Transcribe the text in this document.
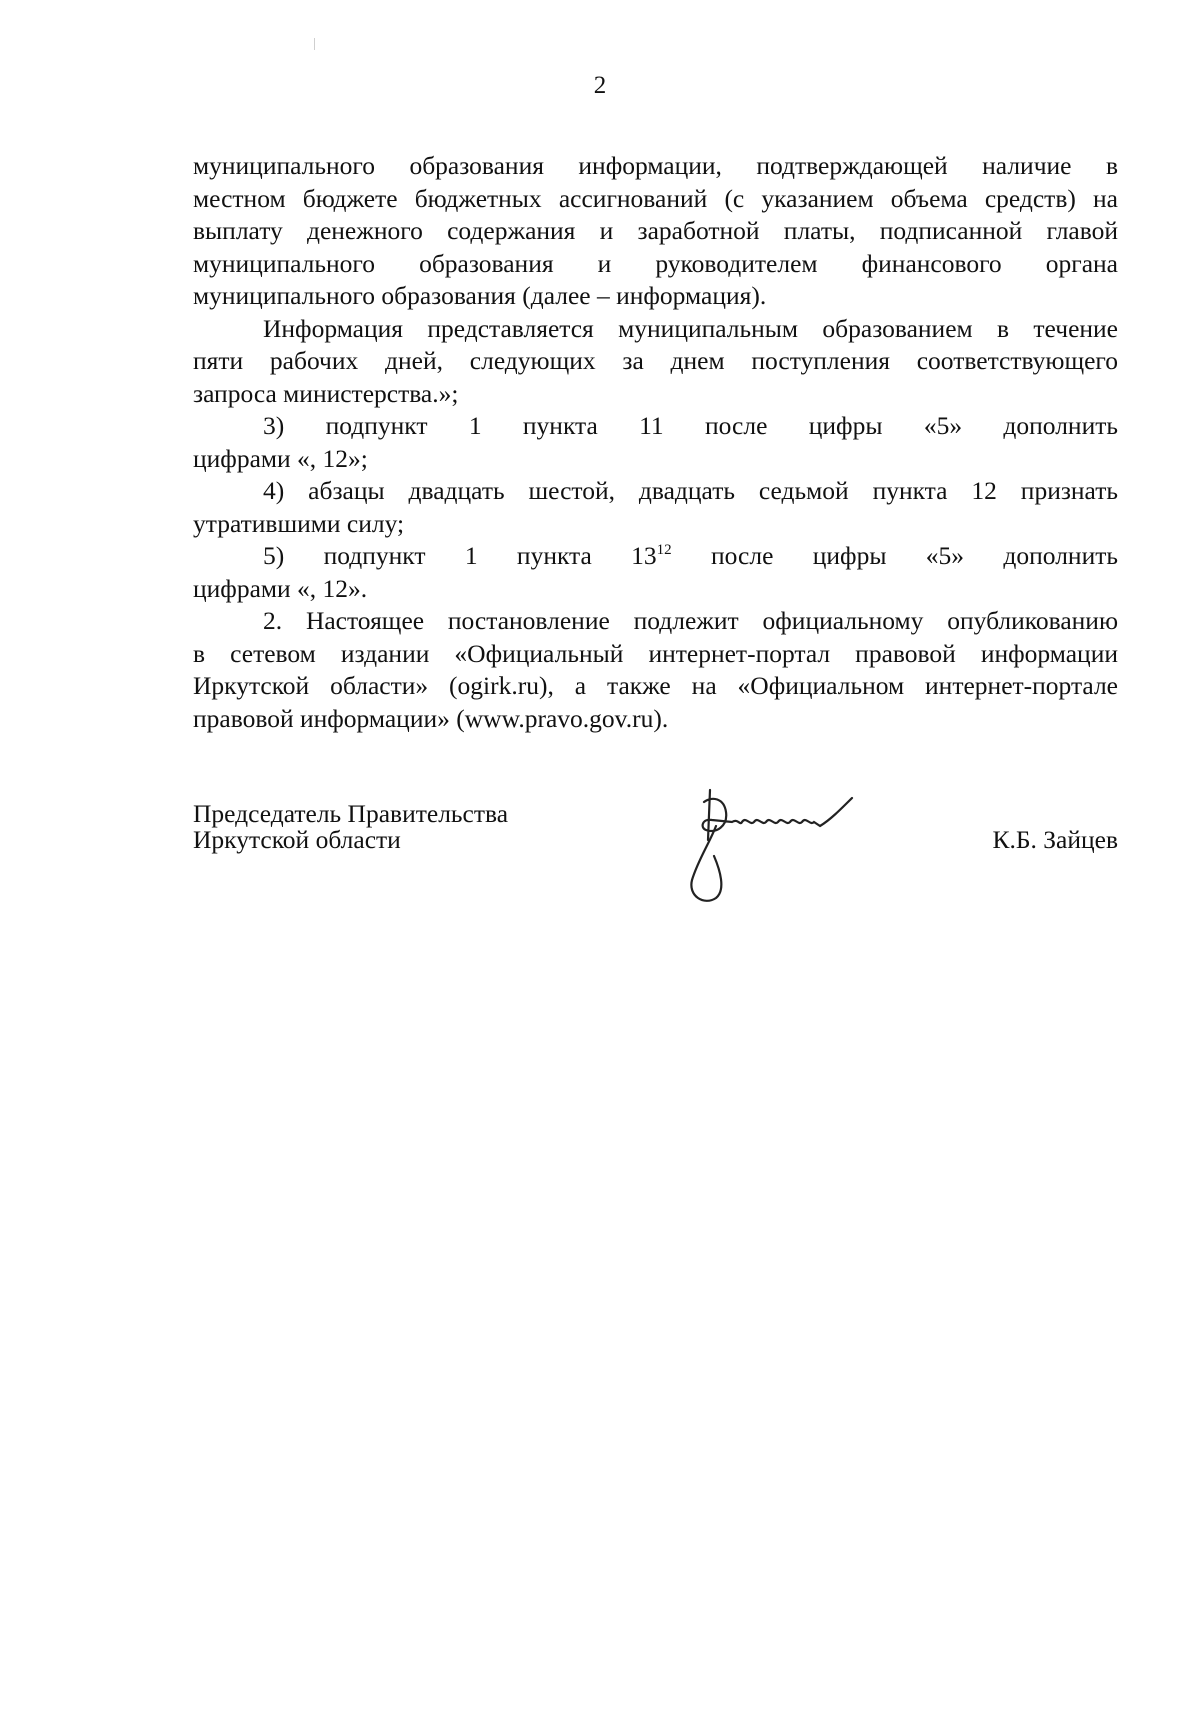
2
муниципального образования информации, подтверждающей наличие в
местном бюджете бюджетных ассигнований (с указанием объема средств) на
выплату денежного содержания и заработной платы, подписанной главой
муниципального образования и руководителем финансового органа
муниципального образования (далее – информация).
Информация представляется муниципальным образованием в течение
пяти рабочих дней, следующих за днем поступления соответствующего
запроса министерства.»;
3) подпункт 1 пункта 11 после цифры «5» дополнить
цифрами «, 12»;
4) абзацы двадцать шестой, двадцать седьмой пункта 12 признать
утратившими силу;
5) подпункт 1 пункта $13^{12}$ после цифры «5» дополнить
цифрами «, 12».
2. Настоящее постановление подлежит официальному опубликованию
в сетевом издании «Официальный интернет-портал правовой информации
Иркутской области» (ogirk.ru), а также на «Официальном интернет-портале
правовой информации» (www.pravo.gov.ru).
Председатель Правительства
Иркутской области	К.Б. Зайцев
